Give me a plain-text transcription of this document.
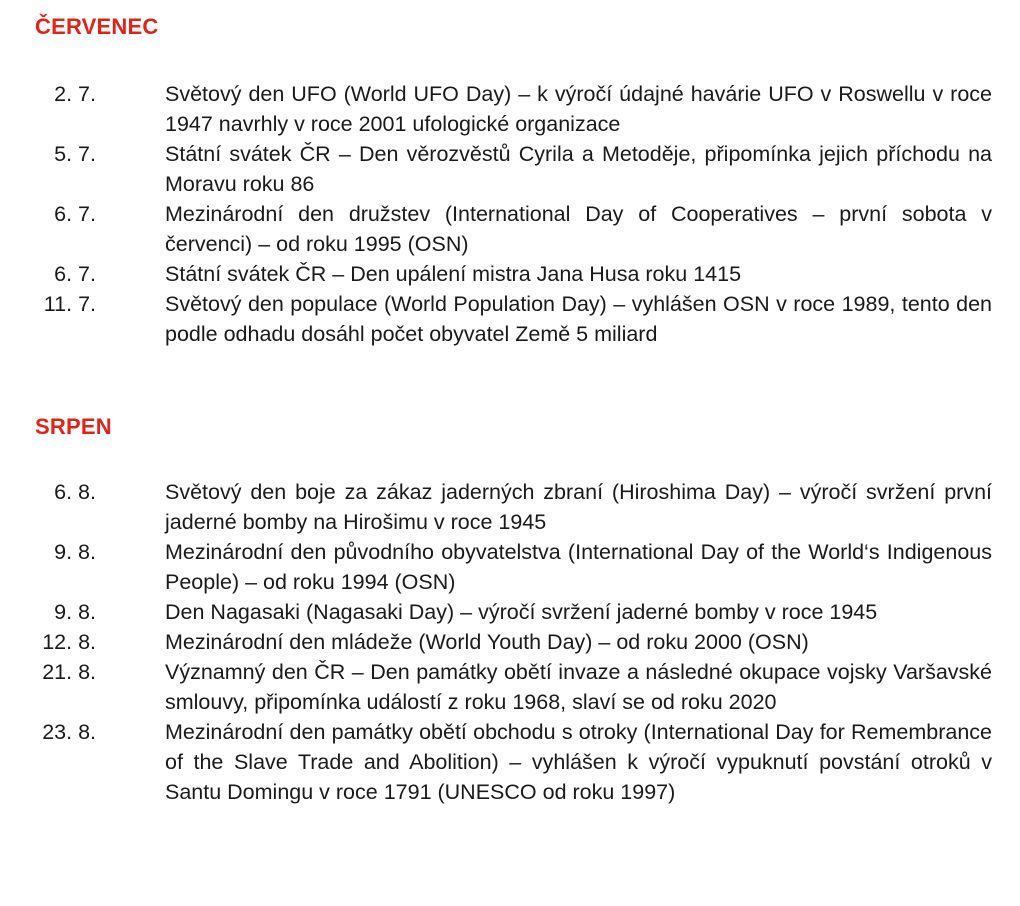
ČERVENEC
2. 7.	Světový den UFO (World UFO Day) – k výročí údajné havárie UFO v Roswellu v roce 1947 navrhly v roce 2001 ufologické organizace
5. 7.	Státní svátek ČR – Den věrozvěstů Cyrila a Metoděje, připomínka jejich příchodu na Moravu roku 86
6. 7.	Mezinárodní den družstev (International Day of Cooperatives – první sobota v červenci) – od roku 1995 (OSN)
6. 7.	Státní svátek ČR – Den upálení mistra Jana Husa roku 1415
11. 7.	Světový den populace (World Population Day) – vyhlášen OSN v roce 1989, tento den podle odhadu dosáhl počet obyvatel Země 5 miliard
SRPEN
6. 8.	Světový den boje za zákaz jaderných zbraní (Hiroshima Day) – výročí svržení první jaderné bomby na Hirošimu v roce 1945
9. 8.	Mezinárodní den původního obyvatelstva (International Day of the World‘s Indigenous People) – od roku 1994 (OSN)
9. 8.	Den Nagasaki (Nagasaki Day) – výročí svržení jaderné bomby v roce 1945
12. 8.	Mezinárodní den mládeže (World Youth Day) – od roku 2000 (OSN)
21. 8.	Významný den ČR – Den památky obětí invaze a následné okupace vojsky Varšavské smlouvy, připomínka událostí z roku 1968, slaví se od roku 2020
23. 8.	Mezinárodní den památky obětí obchodu s otroky (International Day for Remembrance of the Slave Trade and Abolition) – vyhlášen k výročí vypuknutí povstání otroků v Santu Domingu v roce 1791 (UNESCO od roku 1997)
